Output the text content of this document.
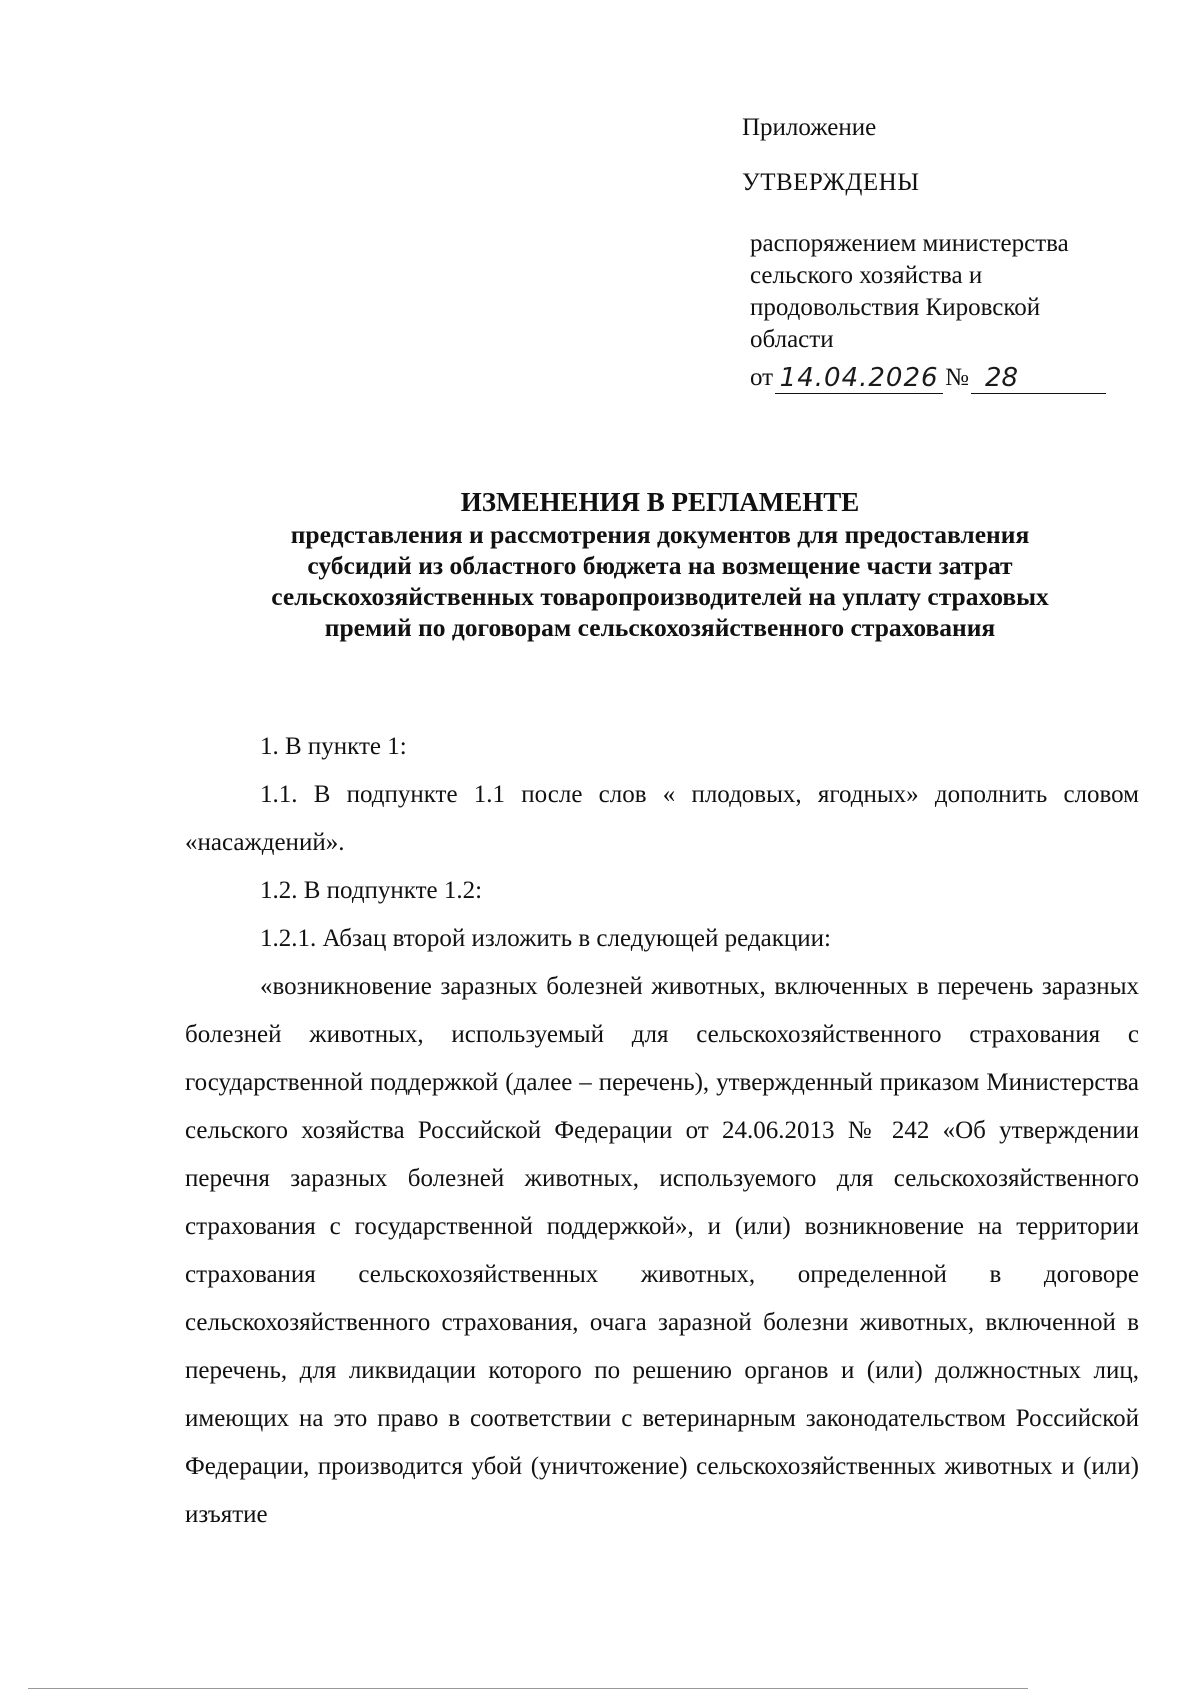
Приложение

УТВЕРЖДЕНЫ

распоряжением министерства
сельского хозяйства и
продовольствия Кировской
области
от 14.04.2026 № 28
ИЗМЕНЕНИЯ В РЕГЛАМЕНТЕ

представления и рассмотрения документов для предоставления

субсидий из областного бюджета на возмещение части затрат

сельскохозяйственных товаропроизводителей на уплату страховых

премий по договорам сельскохозяйственного страхования

1. В пункте 1:

1.1. В подпункте 1.1 после слов « плодовых, ягодных» дополнить словом «насаждений».

1.2. В подпункте 1.2:

1.2.1. Абзац второй изложить в следующей редакции:

«возникновение заразных болезней животных, включенных в перечень заразных болезней животных, используемый для сельскохозяйственного страхования с государственной поддержкой (далее – перечень), утвержденный приказом Министерства сельского хозяйства Российской Федерации от 24.06.2013 № 242 «Об утверждении перечня заразных болезней животных, используемого для сельскохозяйственного страхования с государственной поддержкой», и (или) возникновение на территории страхования сельскохозяйственных животных, определенной в договоре сельскохозяйственного страхования, очага заразной болезни животных, включенной в перечень, для ликвидации которого по решению органов и (или) должностных лиц, имеющих на это право в соответствии с ветеринарным законодательством Российской Федерации, производится убой (уничтожение) сельскохозяйственных животных и (или) изъятие
